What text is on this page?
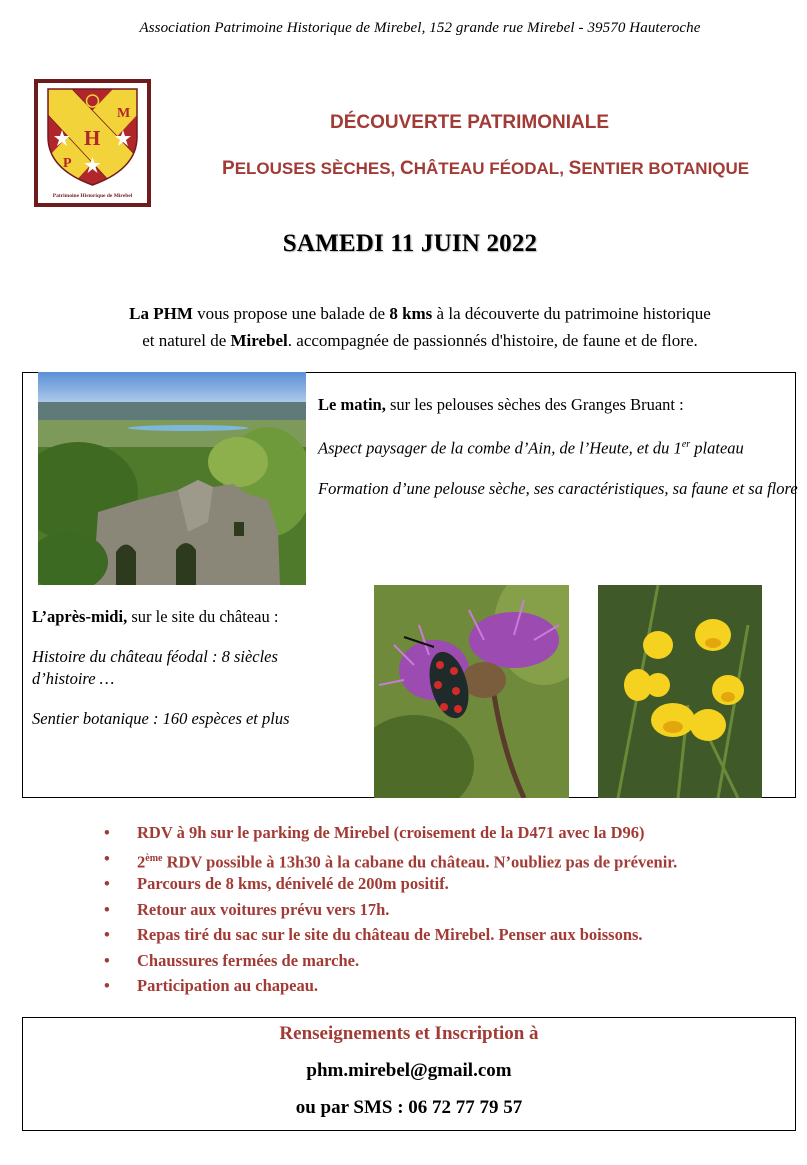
Association Patrimoine Historique de Mirebel, 152 grande rue Mirebel - 39570 Hauteroche
M
H
P
Patrimoine Historique de Mirebel
DÉCOUVERTE PATRIMONIALE
PELOUSES SÈCHES, CHÂTEAU FÉODAL, SENTIER BOTANIQUE
SAMEDI 11 JUIN 2022
La PHM vous propose une balade de 8 kms à la découverte du patrimoine historique
et naturel de Mirebel. accompagnée de passionnés d'histoire, de faune et de flore.

Le matin, sur les pelouses sèches des Granges Bruant :

Aspect paysager de la combe d’Ain, de l’Heute, et du 1er plateau

Formation d’une pelouse sèche, ses caractéristiques, sa faune et sa flore

L’après-midi, sur le site du château :

Histoire du château féodal : 8 siècles d’histoire …

Sentier botanique : 160 espèces et plus

• RDV à 9h sur le parking de Mirebel (croisement de la D471 avec la D96)
• 2ème RDV possible à 13h30 à la cabane du château. N’oubliez pas de prévenir.
• Parcours de 8 kms, dénivelé de 200m positif.
• Retour aux voitures prévu vers 17h.
• Repas tiré du sac sur le site du château de Mirebel. Penser aux boissons.
• Chaussures fermées de marche.
• Participation au chapeau.
Renseignements et Inscription à
phm.mirebel@gmail.com
ou par SMS : 06 72 77 79 57
